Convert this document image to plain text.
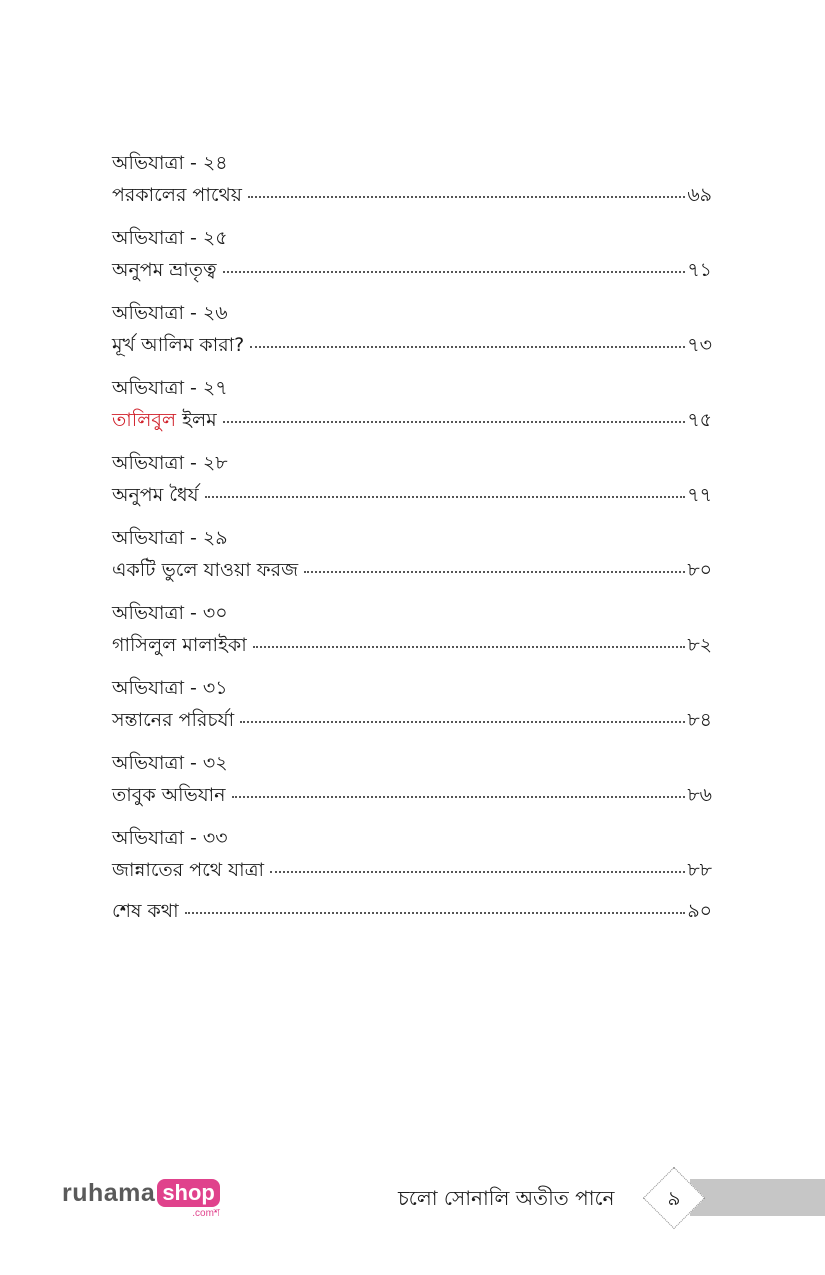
অভিযাত্রা - ২৪
পরকালের পাথেয়	৬৯
অভিযাত্রা - ২৫
অনুপম ভ্রাতৃত্ব	৭১
অভিযাত্রা - ২৬
মূর্খ আলিম কারা?	৭৩
অভিযাত্রা - ২৭
তালিবুল ইলম	৭৫
অভিযাত্রা - ২৮
অনুপম ধৈর্য	৭৭
অভিযাত্রা - ২৯
একটি ভুলে যাওয়া ফরজ	৮০
অভিযাত্রা - ৩০
গাসিলুল মালাইকা	৮২
অভিযাত্রা - ৩১
সন্তানের পরিচর্যা	৮৪
অভিযাত্রা - ৩২
তাবুক অভিযান	৮৬
অভিযাত্রা - ৩৩
জান্নাতের পথে যাত্রা	৮৮
শেষ কথা	৯০
ruhama shop
.comশ
চলো সোনালি অতীত পানে	৯
